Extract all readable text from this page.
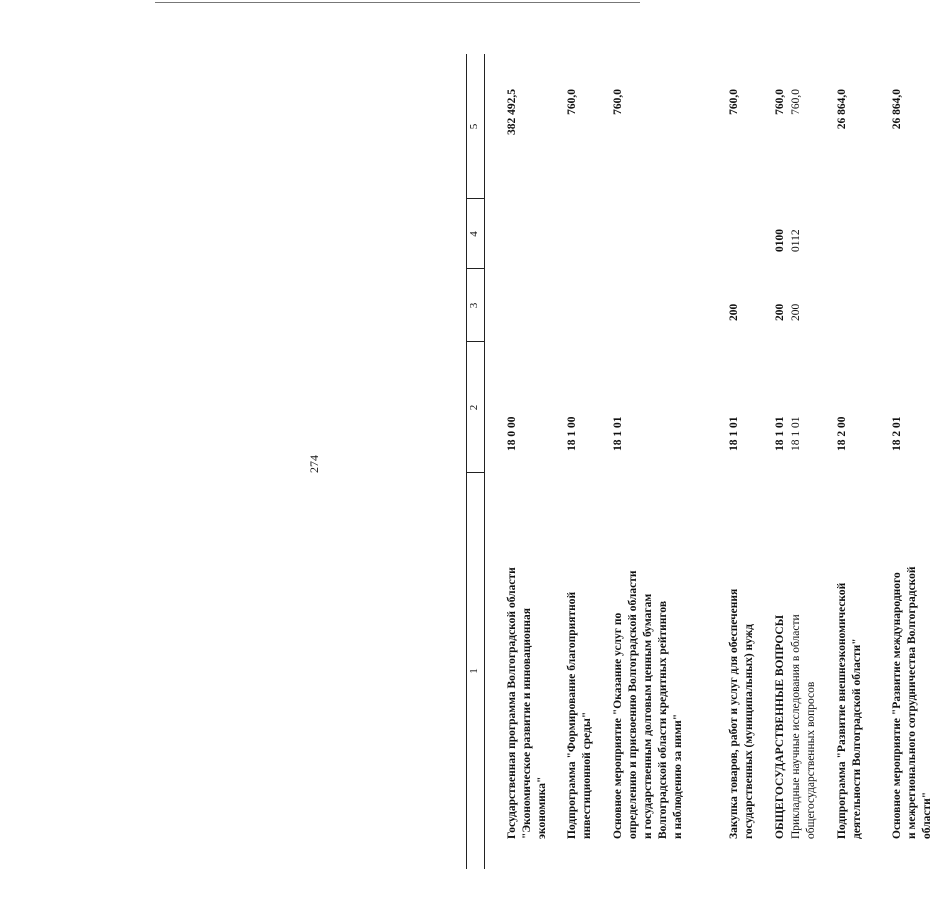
274
1
2
3
4
5
Государственная программа Волгоградской области
"Экономическое развитие и инновационная
экономика"
18 0 00
382 492,5
Подпрограмма "Формирование благоприятной
инвестиционной среды"
18 1 00
760,0
Основное мероприятие "Оказание услуг по
определению и присвоению Волгоградской области
и государственным долговым ценным бумагам
Волгоградской области кредитных рейтингов
и наблюдению за ними"
18 1 01
760,0
Закупка товаров, работ и услуг для обеспечения
государственных (муниципальных) нужд
18 1 01
200
760,0
ОБЩЕГОСУДАРСТВЕННЫЕ ВОПРОСЫ
18 1 01
200
0100
760,0
Прикладные научные исследования в области
общегосударственных вопросов
18 1 01
200
0112
760,0
Подпрограмма "Развитие внешнеэкономической
деятельности Волгоградской области"
18 2 00
26 864,0
Основное мероприятие "Развитие международного
и межрегионального сотрудничества Волгоградской
области"
18 2 01
26 864,0
